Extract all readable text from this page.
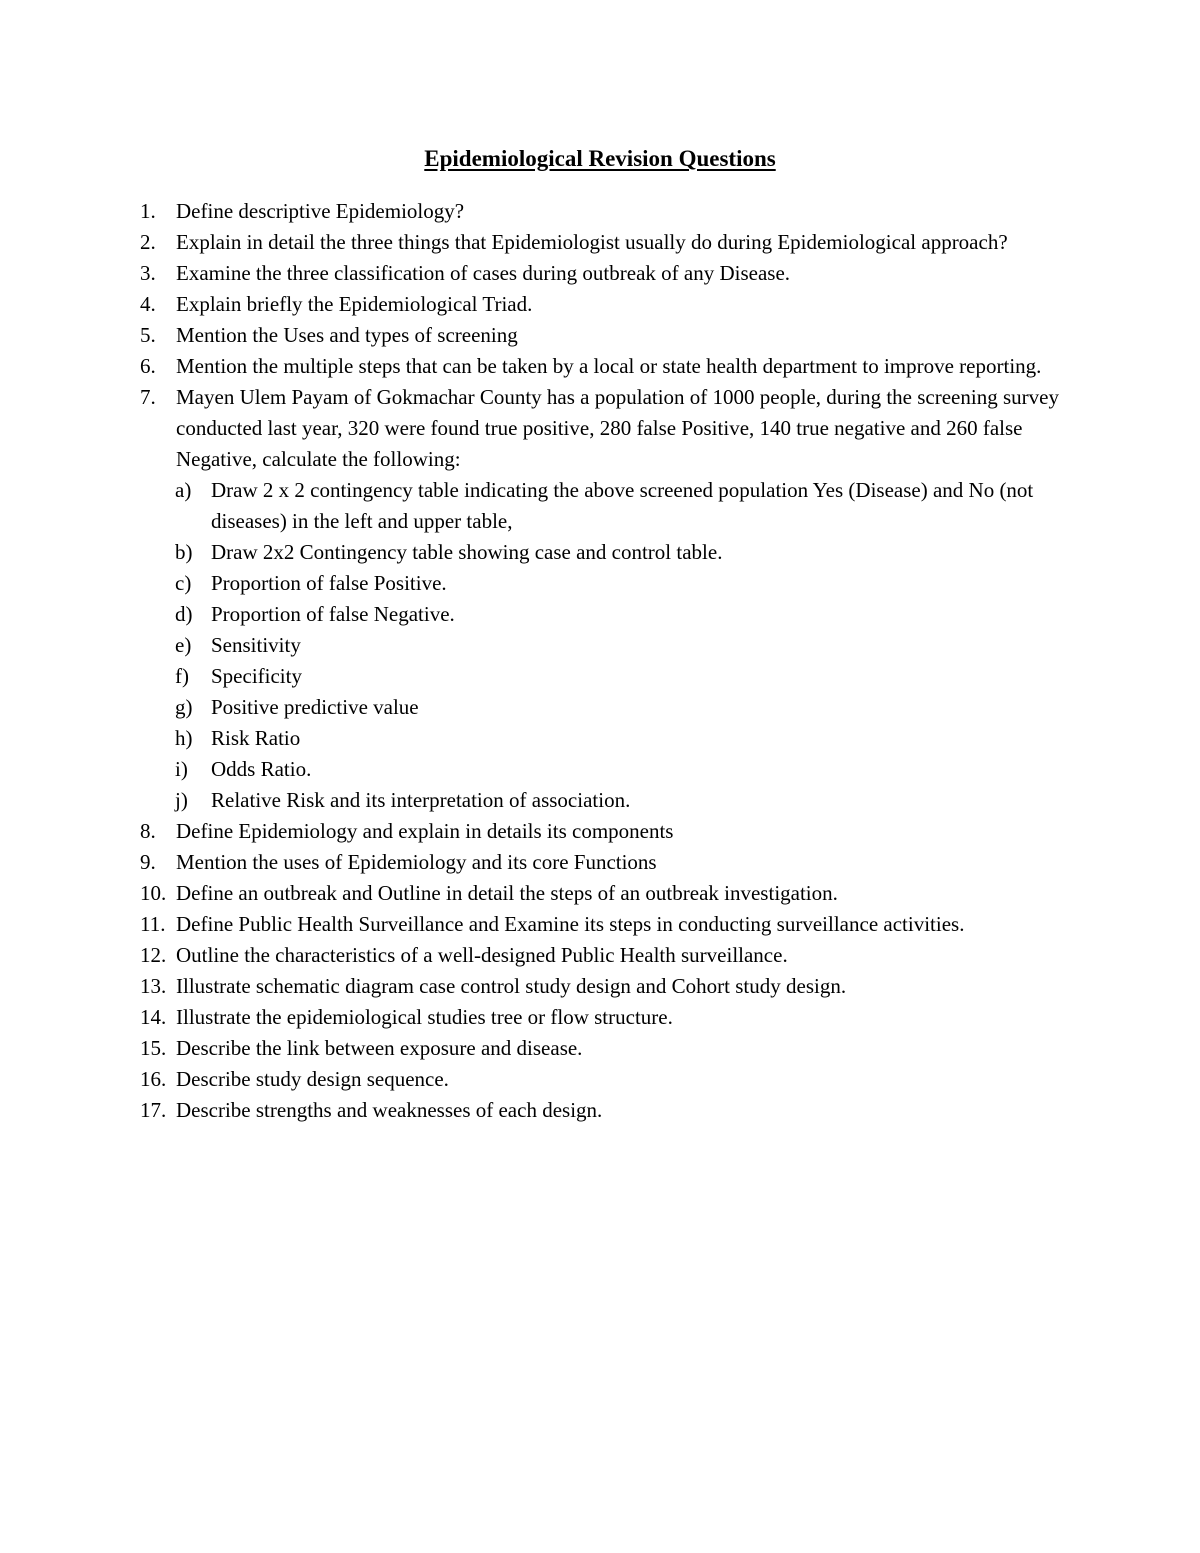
Epidemiological Revision Questions
1. Define descriptive Epidemiology?
2. Explain in detail the three things that Epidemiologist usually do during Epidemiological approach?
3. Examine the three classification of cases during outbreak of any Disease.
4. Explain briefly the Epidemiological Triad.
5. Mention the Uses and types of screening
6. Mention the multiple steps that can be taken by a local or state health department to improve reporting.
7. Mayen Ulem Payam of Gokmachar County has a population of 1000 people, during the screening survey conducted last year, 320 were found true positive, 280 false Positive, 140 true negative and 260 false Negative, calculate the following:
a) Draw 2 x 2 contingency table indicating the above screened population Yes (Disease) and No (not diseases) in the left and upper table,
b) Draw 2x2 Contingency table showing case and control table.
c) Proportion of false Positive.
d) Proportion of false Negative.
e) Sensitivity
f) Specificity
g) Positive predictive value
h) Risk Ratio
i) Odds Ratio.
j) Relative Risk and its interpretation of association.
8. Define Epidemiology and explain in details its components
9. Mention the uses of Epidemiology and its core Functions
10. Define an outbreak and Outline in detail the steps of an outbreak investigation.
11. Define Public Health Surveillance and Examine its steps in conducting surveillance activities.
12. Outline the characteristics of a well-designed Public Health surveillance.
13. Illustrate schematic diagram case control study design and Cohort study design.
14. Illustrate the epidemiological studies tree or flow structure.
15. Describe the link between exposure and disease.
16. Describe study design sequence.
17. Describe strengths and weaknesses of each design.
